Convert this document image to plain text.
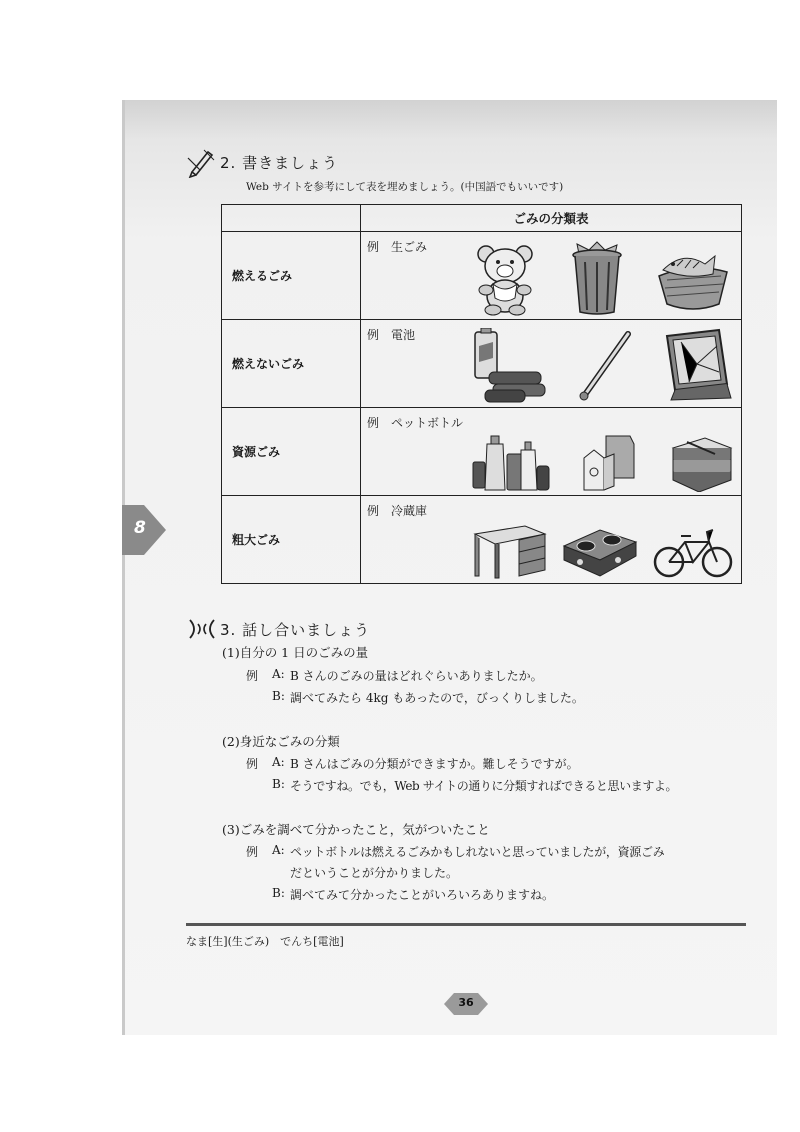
2. 書きましょう
Web サイトを参考にして表を埋めましょう。(中国語でもいいです)
	ごみの分類表
燃えるごみ	例 生ごみ

燃えないごみ	例 電池

資源ごみ	例 ペットボトル

粗大ごみ	例 冷蔵庫
8
3. 話し合いましょう
(1)自分の 1 日のごみの量
例 A: B さんのごみの量はどれぐらいありましたか。
B: 調べてみたら 4kg もあったので，びっくりしました。
(2)身近なごみの分類
例 A: B さんはごみの分類ができますか。難しそうですが。
B: そうですね。でも，Web サイトの通りに分類すればできると思いますよ。
(3)ごみを調べて分かったこと，気がついたこと
例 A: ペットボトルは燃えるごみかもしれないと思っていましたが，資源ごみ
だということが分かりました。
B: 調べてみて分かったことがいろいろありますね。
なま[生](生ごみ)　でんち[電池]
36
